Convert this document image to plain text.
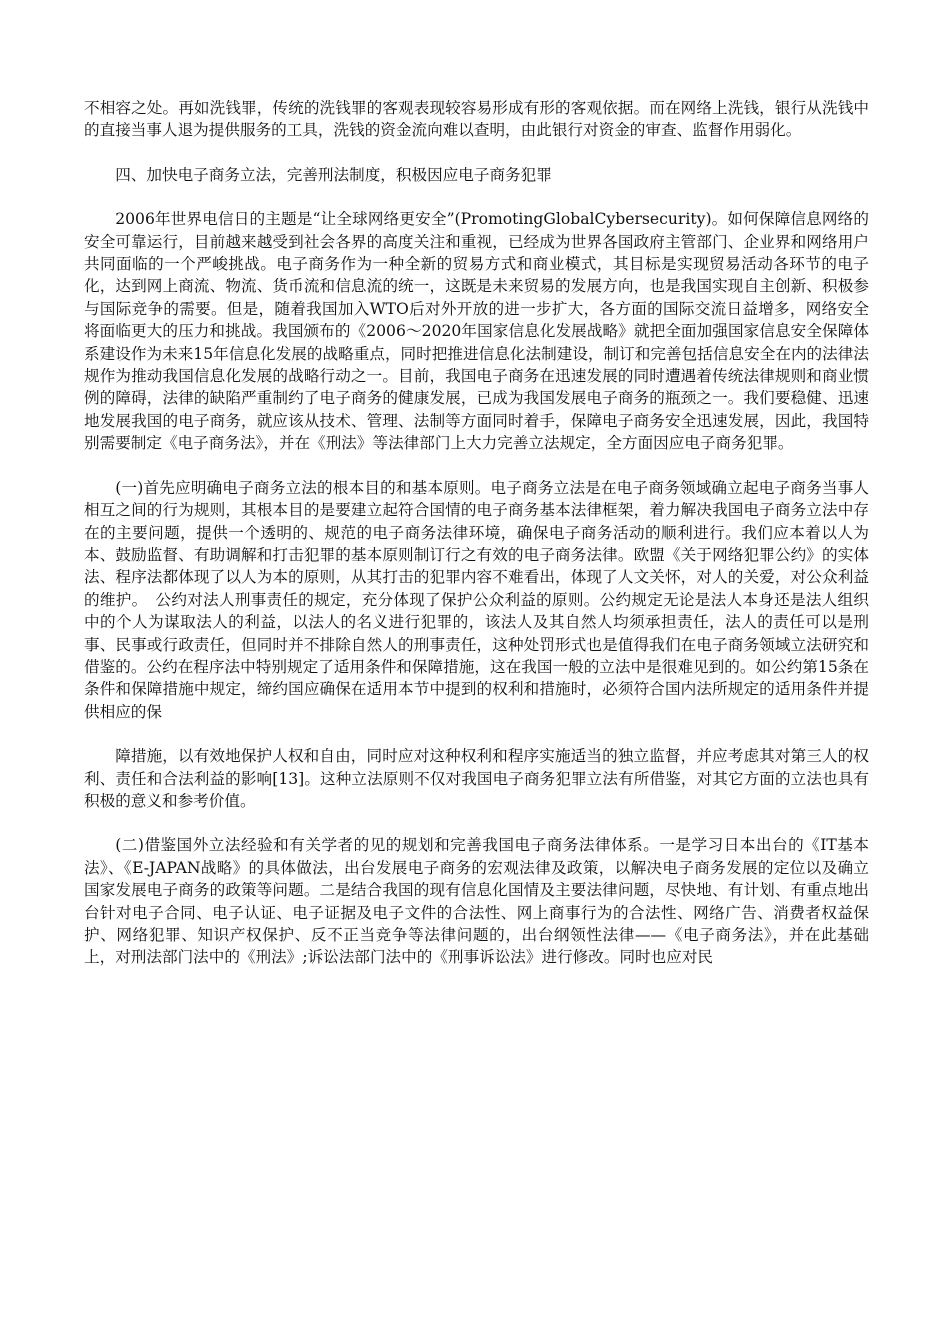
不相容之处。再如洗钱罪，传统的洗钱罪的客观表现较容易形成有形的客观依据。而在网络上洗钱，银行从洗钱中的直接当事人退为提供服务的工具，洗钱的资金流向难以查明，由此银行对资金的审查、监督作用弱化。

四、加快电子商务立法，完善刑法制度，积极因应电子商务犯罪

2006年世界电信日的主题是“让全球网络更安全”(PromotingGlobalCybersecurity)。如何保障信息网络的安全可靠运行，目前越来越受到社会各界的高度关注和重视，已经成为世界各国政府主管部门、企业界和网络用户共同面临的一个严峻挑战。电子商务作为一种全新的贸易方式和商业模式，其目标是实现贸易活动各环节的电子化，达到网上商流、物流、货币流和信息流的统一，这既是未来贸易的发展方向，也是我国实现自主创新、积极参与国际竞争的需要。但是，随着我国加入WTO后对外开放的进一步扩大，各方面的国际交流日益增多，网络安全将面临更大的压力和挑战。我国颁布的《2006～2020年国家信息化发展战略》就把全面加强国家信息安全保障体系建设作为未来15年信息化发展的战略重点，同时把推进信息化法制建设，制订和完善包括信息安全在内的法律法规作为推动我国信息化发展的战略行动之一。目前，我国电子商务在迅速发展的同时遭遇着传统法律规则和商业惯例的障碍，法律的缺陷严重制约了电子商务的健康发展，已成为我国发展电子商务的瓶颈之一。我们要稳健、迅速地发展我国的电子商务，就应该从技术、管理、法制等方面同时着手，保障电子商务安全迅速发展，因此，我国特别需要制定《电子商务法》，并在《刑法》等法律部门上大力完善立法规定，全方面因应电子商务犯罪。

(一)首先应明确电子商务立法的根本目的和基本原则。电子商务立法是在电子商务领域确立起电子商务当事人相互之间的行为规则，其根本目的是要建立起符合国情的电子商务基本法律框架，着力解决我国电子商务立法中存在的主要问题，提供一个透明的、规范的电子商务法律环境，确保电子商务活动的顺利进行。我们应本着以人为本、鼓励监督、有助调解和打击犯罪的基本原则制订行之有效的电子商务法律。欧盟《关于网络犯罪公约》的实体法、程序法都体现了以人为本的原则，从其打击的犯罪内容不难看出，体现了人文关怀，对人的关爱，对公众利益的维护。　公约对法人刑事责任的规定，充分体现了保护公众利益的原则。公约规定无论是法人本身还是法人组织中的个人为谋取法人的利益，以法人的名义进行犯罪的，该法人及其自然人均须承担责任，法人的责任可以是刑事、民事或行政责任，但同时并不排除自然人的刑事责任，这种处罚形式也是值得我们在电子商务领域立法研究和借鉴的。公约在程序法中特别规定了适用条件和保障措施，这在我国一般的立法中是很难见到的。如公约第15条在条件和保障措施中规定，缔约国应确保在适用本节中提到的权利和措施时，必须符合国内法所规定的适用条件并提供相应的保

障措施，以有效地保护人权和自由，同时应对这种权利和程序实施适当的独立监督，并应考虑其对第三人的权利、责任和合法利益的影响[13]。这种立法原则不仅对我国电子商务犯罪立法有所借鉴，对其它方面的立法也具有积极的意义和参考价值。

(二)借鉴国外立法经验和有关学者的见的规划和完善我国电子商务法律体系。一是学习日本出台的《IT基本法》、《E-JAPAN战略》的具体做法，出台发展电子商务的宏观法律及政策，以解决电子商务发展的定位以及确立国家发展电子商务的政策等问题。二是结合我国的现有信息化国情及主要法律问题，尽快地、有计划、有重点地出台针对电子合同、电子认证、电子证据及电子文件的合法性、网上商事行为的合法性、网络广告、消费者权益保护、网络犯罪、知识产权保护、反不正当竞争等法律问题的，出台纲领性法律——《电子商务法》，并在此基础上，对刑法部门法中的《刑法》;诉讼法部门法中的《刑事诉讼法》进行修改。同时也应对民
